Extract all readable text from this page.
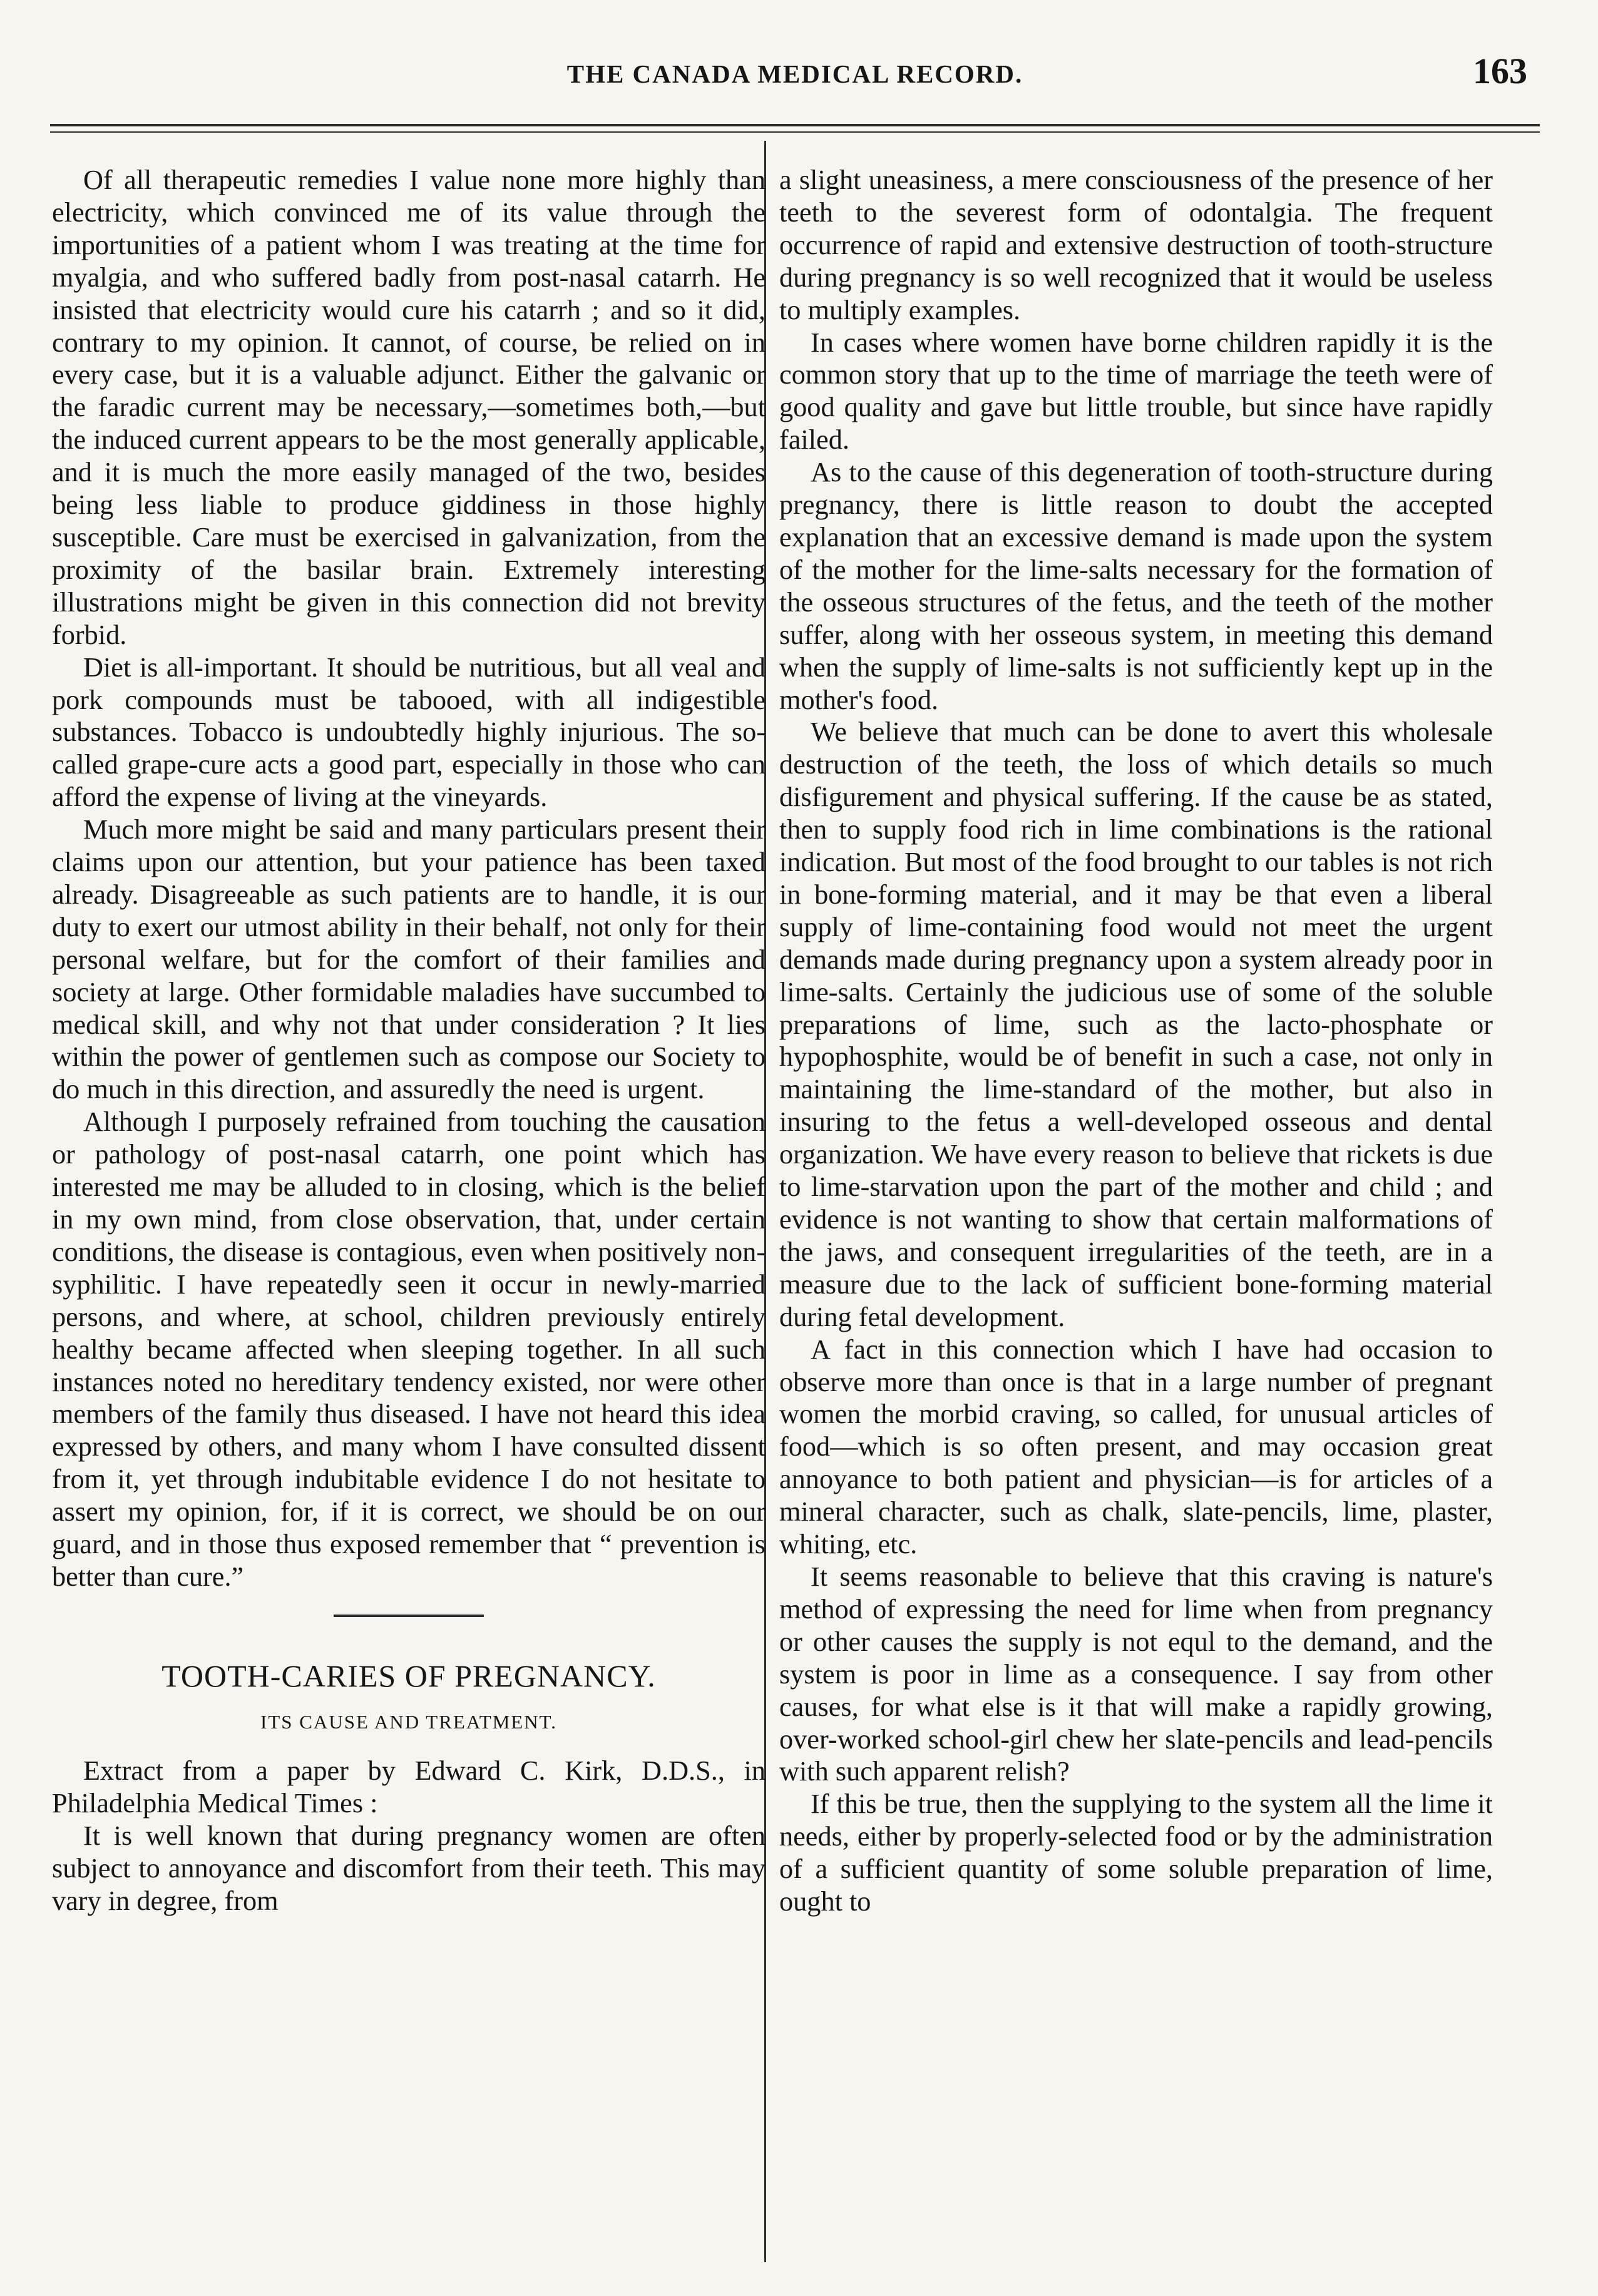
THE CANADA MEDICAL RECORD.	163

Of all therapeutic remedies I value none more highly than electricity, which convinced me of its value through the importunities of a patient whom I was treating at the time for myalgia, and who suffered badly from post-nasal catarrh. He insisted that electricity would cure his catarrh ; and so it did, contrary to my opinion. It cannot, of course, be relied on in every case, but it is a valuable adjunct. Either the galvanic or the faradic current may be necessary,—sometimes both,—but the induced current appears to be the most generally applicable, and it is much the more easily managed of the two, besides being less liable to produce giddiness in those highly susceptible. Care must be exercised in galvanization, from the proximity of the basilar brain. Extremely interesting illustrations might be given in this connection did not brevity forbid.

Diet is all-important. It should be nutritious, but all veal and pork compounds must be tabooed, with all indigestible substances. Tobacco is undoubtedly highly injurious. The so-called grape-cure acts a good part, especially in those who can afford the expense of living at the vineyards.

Much more might be said and many particulars present their claims upon our attention, but your patience has been taxed already. Disagreeable as such patients are to handle, it is our duty to exert our utmost ability in their behalf, not only for their personal welfare, but for the comfort of their families and society at large. Other formidable maladies have succumbed to medical skill, and why not that under consideration ? It lies within the power of gentlemen such as compose our Society to do much in this direction, and assuredly the need is urgent.

Although I purposely refrained from touching the causation or pathology of post-nasal catarrh, one point which has interested me may be alluded to in closing, which is the belief in my own mind, from close observation, that, under certain conditions, the disease is contagious, even when positively non-syphilitic. I have repeatedly seen it occur in newly-married persons, and where, at school, children previously entirely healthy became affected when sleeping together. In all such instances noted no hereditary tendency existed, nor were other members of the family thus diseased. I have not heard this idea expressed by others, and many whom I have consulted dissent from it, yet through indubitable evidence I do not hesitate to assert my opinion, for, if it is correct, we should be on our guard, and in those thus exposed remember that “ prevention is better than cure.”

TOOTH-CARIES OF PREGNANCY.
ITS CAUSE AND TREATMENT.

Extract from a paper by Edward C. Kirk, D.D.S., in Philadelphia Medical Times :

It is well known that during pregnancy women are often subject to annoyance and discomfort from their teeth. This may vary in degree, from

a slight uneasiness, a mere consciousness of the presence of her teeth to the severest form of odontalgia. The frequent occurrence of rapid and extensive destruction of tooth-structure during pregnancy is so well recognized that it would be useless to multiply examples.

In cases where women have borne children rapidly it is the common story that up to the time of marriage the teeth were of good quality and gave but little trouble, but since have rapidly failed.

As to the cause of this degeneration of tooth-structure during pregnancy, there is little reason to doubt the accepted explanation that an excessive demand is made upon the system of the mother for the lime-salts necessary for the formation of the osseous structures of the fetus, and the teeth of the mother suffer, along with her osseous system, in meeting this demand when the supply of lime-salts is not sufficiently kept up in the mother's food.

We believe that much can be done to avert this wholesale destruction of the teeth, the loss of which details so much disfigurement and physical suffering. If the cause be as stated, then to supply food rich in lime combinations is the rational indication. But most of the food brought to our tables is not rich in bone-forming material, and it may be that even a liberal supply of lime-containing food would not meet the urgent demands made during pregnancy upon a system already poor in lime-salts. Certainly the judicious use of some of the soluble preparations of lime, such as the lacto-phosphate or hypophosphite, would be of benefit in such a case, not only in maintaining the lime-standard of the mother, but also in insuring to the fetus a well-developed osseous and dental organization. We have every reason to believe that rickets is due to lime-starvation upon the part of the mother and child ; and evidence is not wanting to show that certain malformations of the jaws, and consequent irregularities of the teeth, are in a measure due to the lack of sufficient bone-forming material during fetal development.

A fact in this connection which I have had occasion to observe more than once is that in a large number of pregnant women the morbid craving, so called, for unusual articles of food—which is so often present, and may occasion great annoyance to both patient and physician—is for articles of a mineral character, such as chalk, slate-pencils, lime, plaster, whiting, etc.

It seems reasonable to believe that this craving is nature's method of expressing the need for lime when from pregnancy or other causes the supply is not equl to the demand, and the system is poor in lime as a consequence. I say from other causes, for what else is it that will make a rapidly growing, over-worked school-girl chew her slate-pencils and lead-pencils with such apparent relish?

If this be true, then the supplying to the system all the lime it needs, either by properly-selected food or by the administration of a sufficient quantity of some soluble preparation of lime, ought to
